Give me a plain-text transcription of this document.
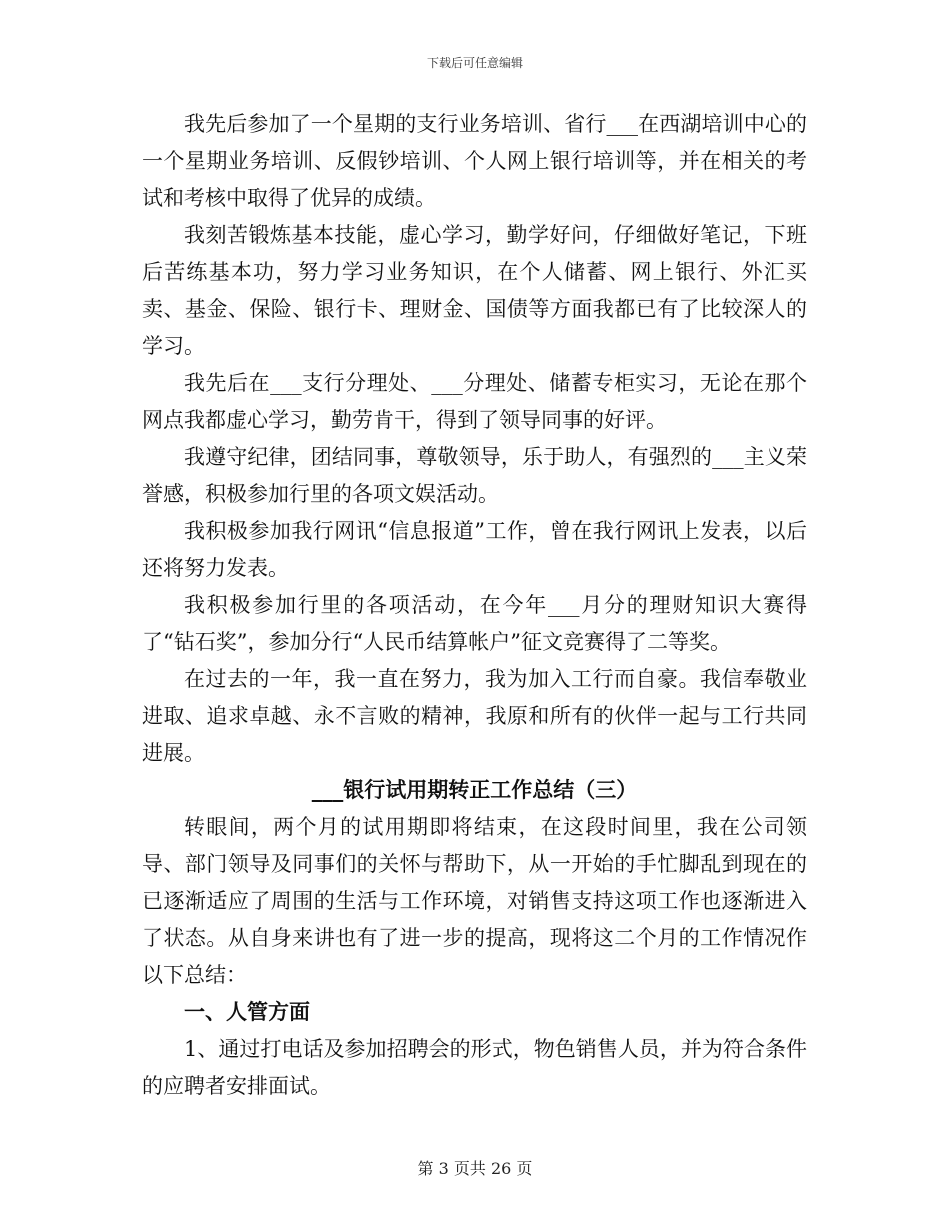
下载后可任意编辑

我先后参加了一个星期的支行业务培训、省行___在西湖培训中心的一个星期业务培训、反假钞培训、个人网上银行培训等，并在相关的考试和考核中取得了优异的成绩。

我刻苦锻炼基本技能，虚心学习，勤学好问，仔细做好笔记，下班后苦练基本功，努力学习业务知识，在个人储蓄、网上银行、外汇买卖、基金、保险、银行卡、理财金、国债等方面我都已有了比较深人的学习。

我先后在___支行分理处、___分理处、储蓄专柜实习，无论在那个网点我都虚心学习，勤劳肯干，得到了领导同事的好评。

我遵守纪律，团结同事，尊敬领导，乐于助人，有强烈的___主义荣誉感，积极参加行里的各项文娱活动。

我积极参加我行网讯“信息报道”工作，曾在我行网讯上发表，以后还将努力发表。

我积极参加行里的各项活动，在今年___月分的理财知识大赛得了“钻石奖”，参加分行“人民币结算帐户”征文竞赛得了二等奖。

在过去的一年，我一直在努力，我为加入工行而自豪。我信奉敬业进取、追求卓越、永不言败的精神，我原和所有的伙伴一起与工行共同进展。

___银行试用期转正工作总结（三）

转眼间，两个月的试用期即将结束，在这段时间里，我在公司领导、部门领导及同事们的关怀与帮助下，从一开始的手忙脚乱到现在的已逐渐适应了周围的生活与工作环境，对销售支持这项工作也逐渐进入了状态。从自身来讲也有了进一步的提高，现将这二个月的工作情况作以下总结：

一、人管方面

1、通过打电话及参加招聘会的形式，物色销售人员，并为符合条件的应聘者安排面试。

第 3 页共 26 页
